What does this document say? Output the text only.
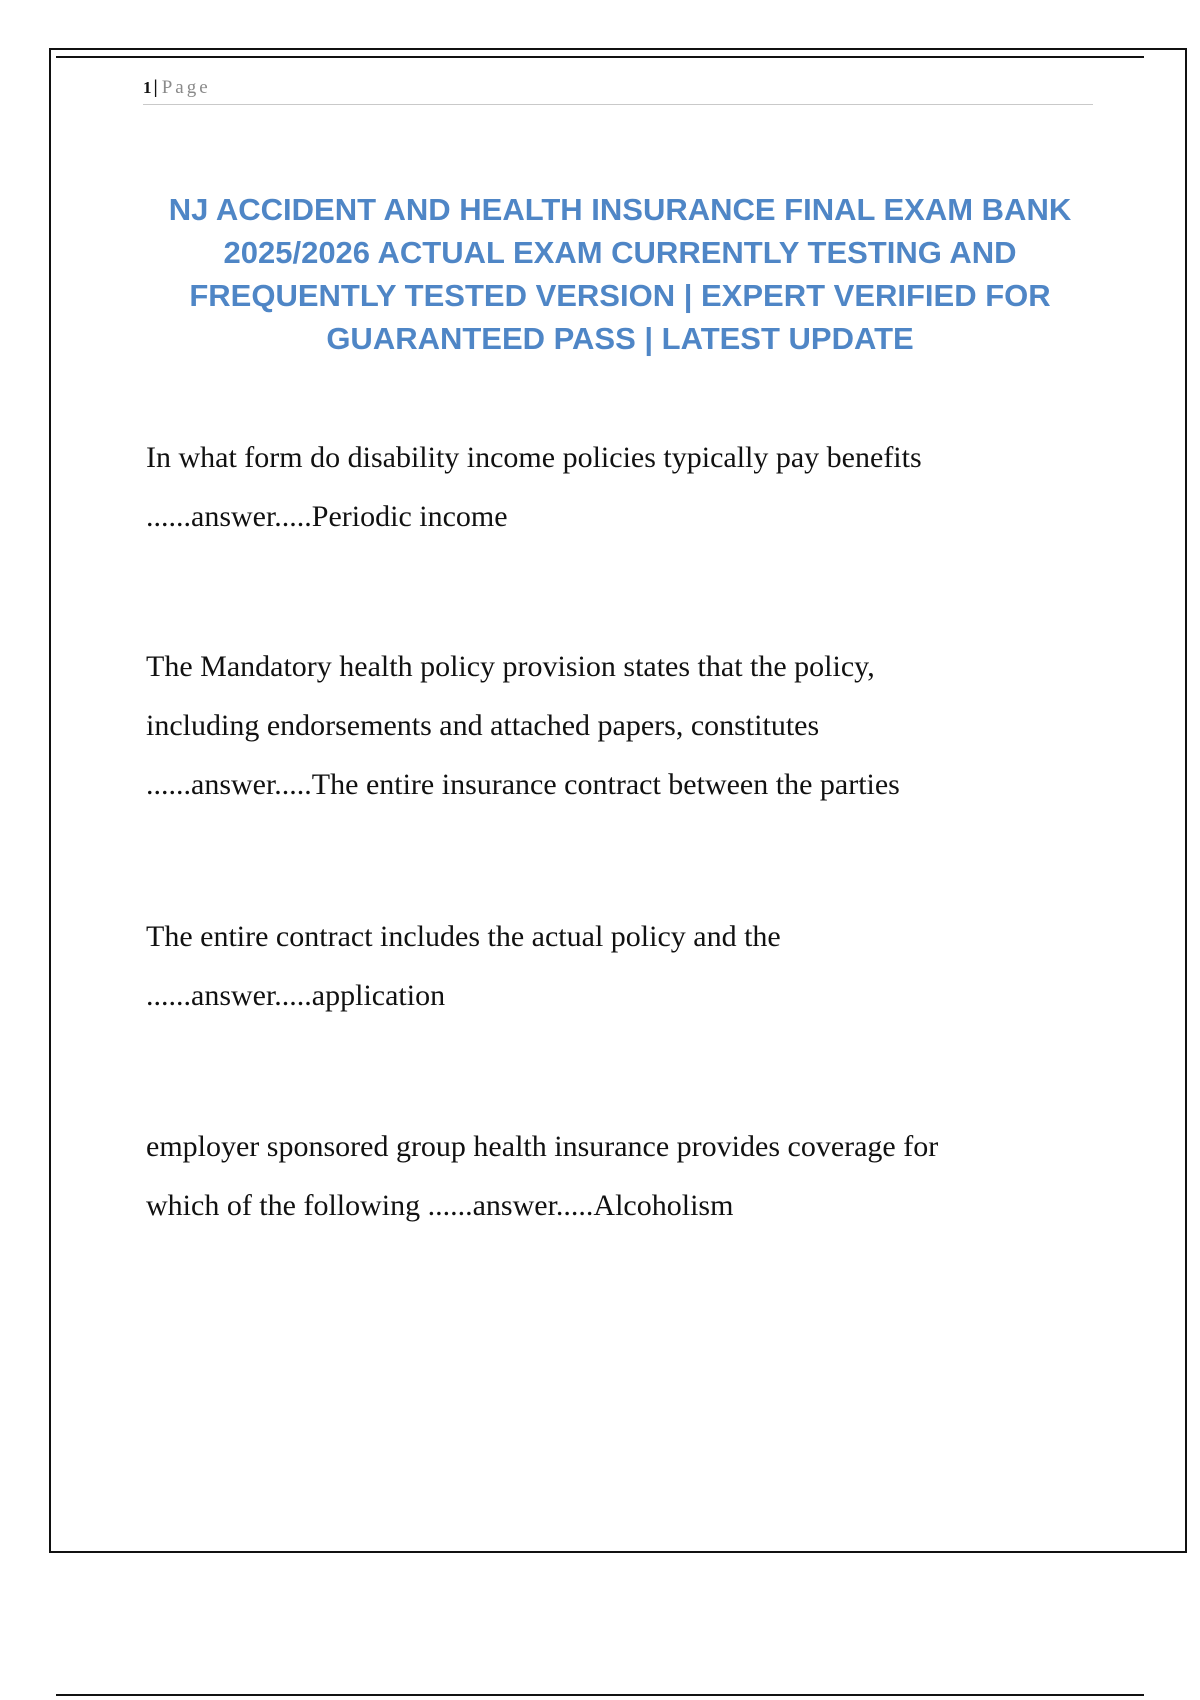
1 | Page
NJ ACCIDENT AND HEALTH INSURANCE FINAL EXAM BANK
2025/2026 ACTUAL EXAM CURRENTLY TESTING AND
FREQUENTLY TESTED VERSION | EXPERT VERIFIED FOR
GUARANTEED PASS | LATEST UPDATE

In what form do disability income policies typically pay benefits
......answer.....Periodic income

The Mandatory health policy provision states that the policy,
including endorsements and attached papers, constitutes
......answer.....The entire insurance contract between the parties

The entire contract includes the actual policy and the
......answer.....application

employer sponsored group health insurance provides coverage for
which of the following ......answer.....Alcoholism
